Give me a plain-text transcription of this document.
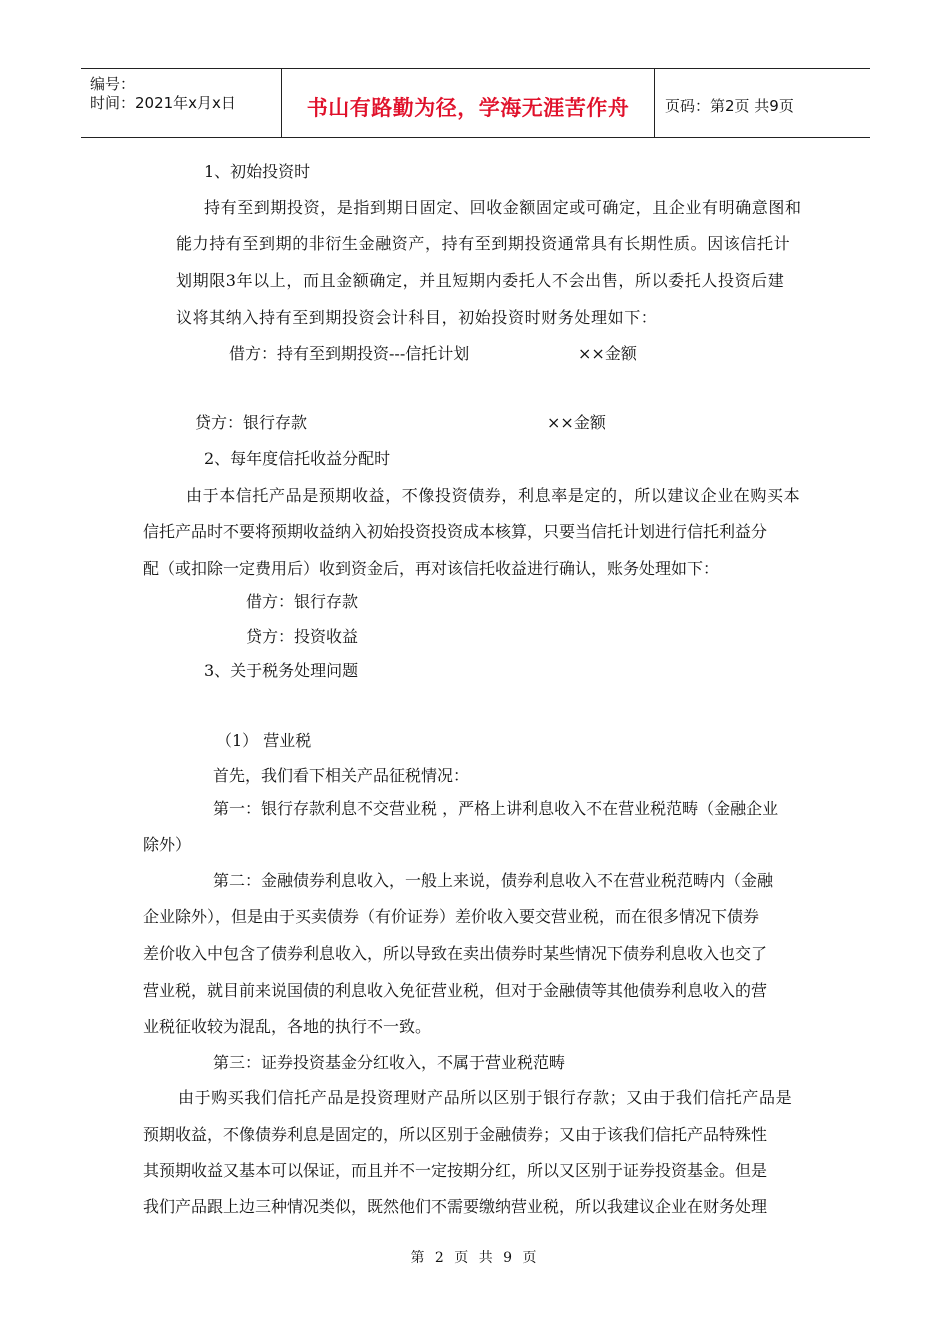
编号：
时间：2021年x月x日	书山有路勤为径，学海无涯苦作舟	页码：第2页 共9页
1、初始投资时
持有至到期投资，是指到期日固定、回收金额固定或可确定，且企业有明确意图和
能力持有至到期的非衍生金融资产，持有至到期投资通常具有长期性质。因该信托计
划期限3年以上，而且金额确定，并且短期内委托人不会出售，所以委托人投资后建
议将其纳入持有至到期投资会计科目，初始投资时财务处理如下：
借方：持有至到期投资---信托计划	××金额
贷方：银行存款	××金额
2、每年度信托收益分配时
由于本信托产品是预期收益，不像投资债券，利息率是定的，所以建议企业在购买本
信托产品时不要将预期收益纳入初始投资投资成本核算，只要当信托计划进行信托利益分
配（或扣除一定费用后）收到资金后，再对该信托收益进行确认，账务处理如下：
借方：银行存款
贷方：投资收益
3、关于税务处理问题
（1） 营业税
首先，我们看下相关产品征税情况：
第一：银行存款利息不交营业税 ，严格上讲利息收入不在营业税范畴（金融企业
除外）
第二：金融债券利息收入，一般上来说，债券利息收入不在营业税范畴内（金融
企业除外），但是由于买卖债券（有价证券）差价收入要交营业税，而在很多情况下债券
差价收入中包含了债券利息收入，所以导致在卖出债券时某些情况下债券利息收入也交了
营业税，就目前来说国债的利息收入免征营业税，但对于金融债等其他债券利息收入的营
业税征收较为混乱，各地的执行不一致。
第三：证券投资基金分红收入，不属于营业税范畴
由于购买我们信托产品是投资理财产品所以区别于银行存款；又由于我们信托产品是
预期收益，不像债券利息是固定的，所以区别于金融债券；又由于该我们信托产品特殊性
其预期收益又基本可以保证，而且并不一定按期分红，所以又区别于证券投资基金。但是
我们产品跟上边三种情况类似，既然他们不需要缴纳营业税，所以我建议企业在财务处理
第 2 页 共 9 页
